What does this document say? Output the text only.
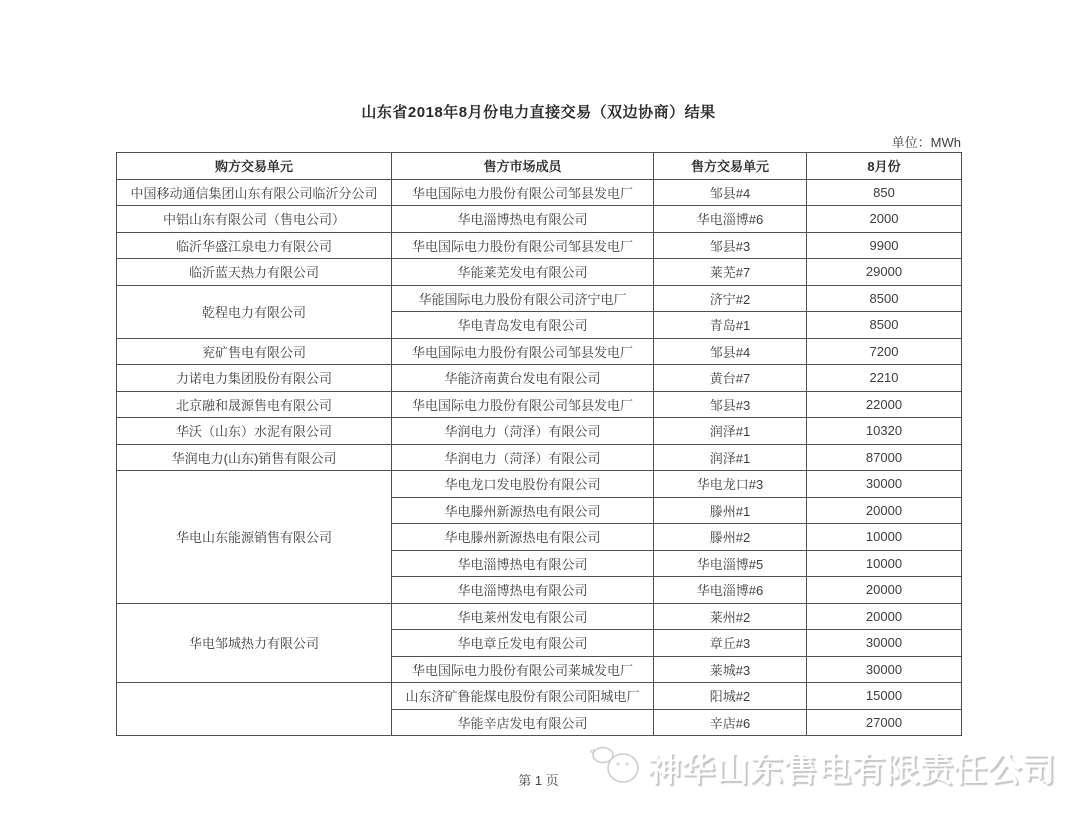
山东省2018年8月份电力直接交易（双边协商）结果
单位：MWh
购方交易单元	售方市场成员	售方交易单元	8月份
中国移动通信集团山东有限公司临沂分公司	华电国际电力股份有限公司邹县发电厂	邹县#4	850
中铝山东有限公司（售电公司）	华电淄博热电有限公司	华电淄博#6	2000
临沂华盛江泉电力有限公司	华电国际电力股份有限公司邹县发电厂	邹县#3	9900
临沂蓝天热力有限公司	华能莱芜发电有限公司	莱芜#7	29000
乾程电力有限公司	华能国际电力股份有限公司济宁电厂	济宁#2	8500
	华电青岛发电有限公司	青岛#1	8500
兖矿售电有限公司	华电国际电力股份有限公司邹县发电厂	邹县#4	7200
力诺电力集团股份有限公司	华能济南黄台发电有限公司	黄台#7	2210
北京融和晟源售电有限公司	华电国际电力股份有限公司邹县发电厂	邹县#3	22000
华沃（山东）水泥有限公司	华润电力（菏泽）有限公司	润泽#1	10320
华润电力(山东)销售有限公司	华润电力（菏泽）有限公司	润泽#1	87000
华电山东能源销售有限公司	华电龙口发电股份有限公司	华电龙口#3	30000
	华电滕州新源热电有限公司	滕州#1	20000
	华电滕州新源热电有限公司	滕州#2	10000
	华电淄博热电有限公司	华电淄博#5	10000
	华电淄博热电有限公司	华电淄博#6	20000
华电邹城热力有限公司	华电莱州发电有限公司	莱州#2	20000
	华电章丘发电有限公司	章丘#3	30000
	华电国际电力股份有限公司莱城发电厂	莱城#3	30000
	山东济矿鲁能煤电股份有限公司阳城电厂	阳城#2	15000
	华能辛店发电有限公司	辛店#6	27000
第 1 页	神华山东售电有限责任公司
